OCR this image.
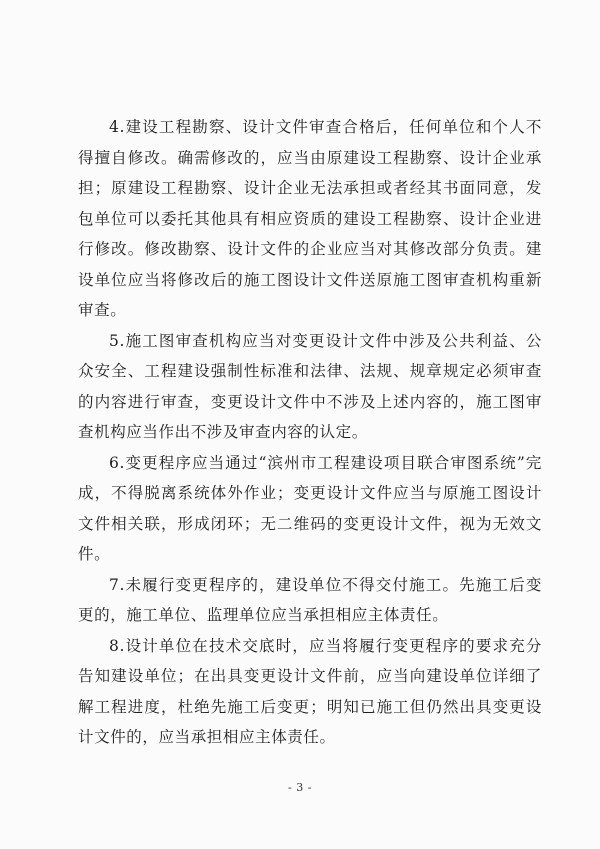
4.建设工程勘察、设计文件审查合格后，任何单位和个人不得擅自修改。确需修改的，应当由原建设工程勘察、设计企业承担；原建设工程勘察、设计企业无法承担或者经其书面同意，发包单位可以委托其他具有相应资质的建设工程勘察、设计企业进行修改。修改勘察、设计文件的企业应当对其修改部分负责。建设单位应当将修改后的施工图设计文件送原施工图审查机构重新审查。

5.施工图审查机构应当对变更设计文件中涉及公共利益、公众安全、工程建设强制性标准和法律、法规、规章规定必须审查的内容进行审查，变更设计文件中不涉及上述内容的，施工图审查机构应当作出不涉及审查内容的认定。

6.变更程序应当通过“滨州市工程建设项目联合审图系统”完成，不得脱离系统体外作业；变更设计文件应当与原施工图设计文件相关联，形成闭环；无二维码的变更设计文件，视为无效文件。

7.未履行变更程序的，建设单位不得交付施工。先施工后变更的，施工单位、监理单位应当承担相应主体责任。

8.设计单位在技术交底时，应当将履行变更程序的要求充分告知建设单位；在出具变更设计文件前，应当向建设单位详细了解工程进度，杜绝先施工后变更；明知已施工但仍然出具变更设计文件的，应当承担相应主体责任。

- 3 -
